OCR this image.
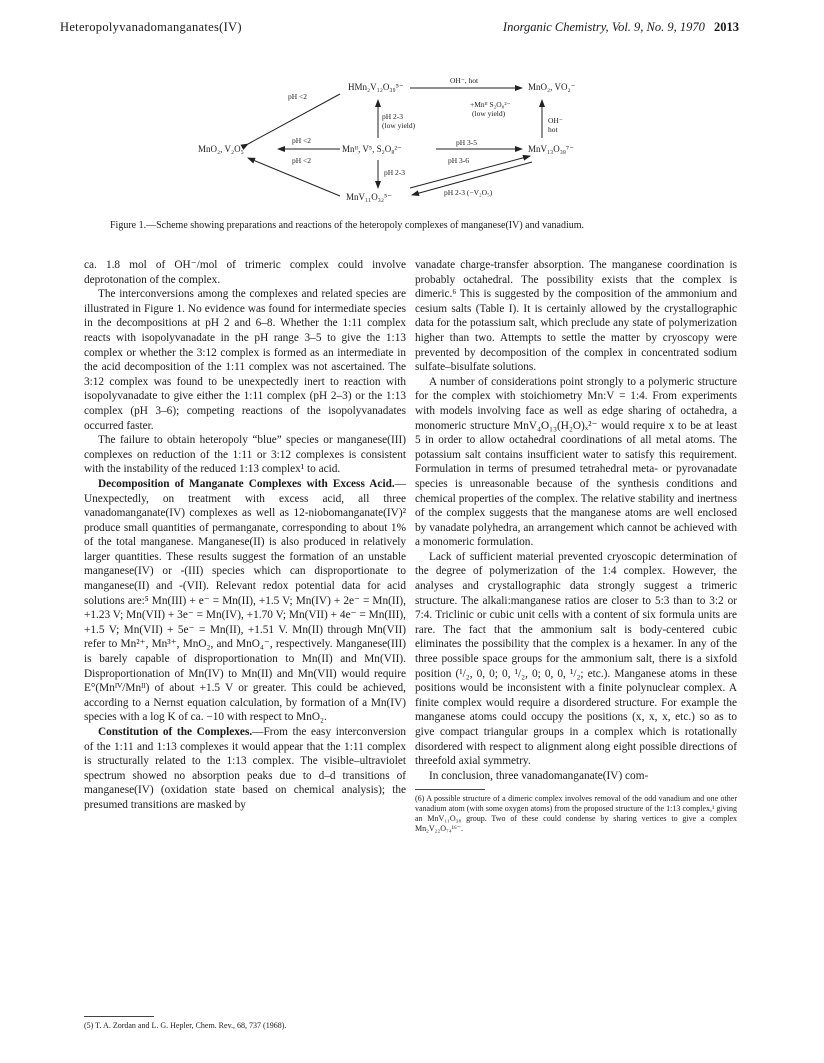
Heteropolyvanadomanganates(IV)	Inorganic Chemistry, Vol. 9, No. 9, 1970 2013
HMn₂V₁₂O₃₉⁵⁻	MnO₂, VO₂⁻
MnO₂, V₂O₅	Mnᴵᴵ, V⁵, S₂O₈²⁻	MnV₁₃O₃₈⁷⁻
MnV₁₁O₃₂⁵⁻
pH <2
pH <2
pH <2
OH⁻, hot
+Mnᴵᴵ S₂O₈²⁻
(low yield)
pH 2-3
(low yield)
OH⁻
hot
pH 3-5
pH 3-6
pH 2-3
pH 2-3 (−V₂O₅)
Figure 1.—Scheme showing preparations and reactions of the heteropoly complexes of manganese(IV) and vanadium.

ca. 1.8 mol of OH⁻/mol of trimeric complex could involve deprotonation of the complex.

The interconversions among the complexes and related species are illustrated in Figure 1. No evidence was found for intermediate species in the decompositions at pH 2 and 6–8. Whether the 1:11 complex reacts with isopolyvanadate in the pH range 3–5 to give the 1:13 complex or whether the 3:12 complex is formed as an intermediate in the acid decomposition of the 1:11 complex was not ascertained. The 3:12 complex was found to be unexpectedly inert to reaction with isopolyvanadate to give either the 1:11 complex (pH 2–3) or the 1:13 complex (pH 3–6); competing reactions of the isopolyvanadates occurred faster.

The failure to obtain heteropoly “blue” species or manganese(III) complexes on reduction of the 1:11 or 3:12 complexes is consistent with the instability of the reduced 1:13 complex¹ to acid.

Decomposition of Manganate Complexes with Excess Acid.—Unexpectedly, on treatment with excess acid, all three vanadomanganate(IV) complexes as well as 12-niobomanganate(IV)² produce small quantities of permanganate, corresponding to about 1% of the total manganese. Manganese(II) is also produced in relatively larger quantities. These results suggest the formation of an unstable manganese(IV) or -(III) species which can disproportionate to manganese(II) and -(VII). Relevant redox potential data for acid solutions are:⁵ Mn(III) + e⁻ = Mn(II), +1.5 V; Mn(IV) + 2e⁻ = Mn(II), +1.23 V; Mn(VII) + 3e⁻ = Mn(IV), +1.70 V; Mn(VII) + 4e⁻ = Mn(III), +1.5 V; Mn(VII) + 5e⁻ = Mn(II), +1.51 V. Mn(II) through Mn(VII) refer to Mn²⁺, Mn³⁺, MnO₂, and MnO₄⁻, respectively. Manganese(III) is barely capable of disproportionation to Mn(II) and Mn(VII). Disproportionation of Mn(IV) to Mn(II) and Mn(VII) would require E°(Mnᴵⱽ/Mnᴵᴵ) of about +1.5 V or greater. This could be achieved, according to a Nernst equation calculation, by formation of a Mn(IV) species with a log K of ca. −10 with respect to MnO₂.

Constitution of the Complexes.—From the easy interconversion of the 1:11 and 1:13 complexes it would appear that the 1:11 complex is structurally related to the 1:13 complex. The visible–ultraviolet spectrum showed no absorption peaks due to d–d transitions of manganese(IV) (oxidation state based on chemical analysis); the presumed transitions are masked by

(5) T. A. Zordan and L. G. Hepler, Chem. Rev., 68, 737 (1968).

vanadate charge-transfer absorption. The manganese coordination is probably octahedral. The possibility exists that the complex is dimeric.⁶ This is suggested by the composition of the ammonium and cesium salts (Table I). It is certainly allowed by the crystallographic data for the potassium salt, which preclude any state of polymerization higher than two. Attempts to settle the matter by cryoscopy were prevented by decomposition of the complex in concentrated sodium sulfate–bisulfate solutions.

A number of considerations point strongly to a polymeric structure for the complex with stoichiometry Mn:V = 1:4. From experiments with models involving face as well as edge sharing of octahedra, a monomeric structure MnV₄O₁₃(H₂O)ₓ²⁻ would require x to be at least 5 in order to allow octahedral coordinations of all metal atoms. The potassium salt contains insufficient water to satisfy this requirement. Formulation in terms of presumed tetrahedral meta- or pyrovanadate species is unreasonable because of the synthesis conditions and chemical properties of the complex. The relative stability and inertness of the complex suggests that the manganese atoms are well enclosed by vanadate polyhedra, an arrangement which cannot be achieved with a monomeric formulation.

Lack of sufficient material prevented cryoscopic determination of the degree of polymerization of the 1:4 complex. However, the analyses and crystallographic data strongly suggest a trimeric structure. The alkali:manganese ratios are closer to 5:3 than to 3:2 or 7:4. Triclinic or cubic unit cells with a content of six formula units are rare. The fact that the ammonium salt is body-centered cubic eliminates the possibility that the complex is a hexamer. In any of the three possible space groups for the ammonium salt, there is a sixfold position (¹/₂, 0, 0; 0, ¹/₂, 0; 0, 0, ¹/₂; etc.). Manganese atoms in these positions would be inconsistent with a finite polynuclear complex. A finite complex would require a disordered structure. For example the manganese atoms could occupy the positions (x, x, x, etc.) so as to give compact triangular groups in a complex which is rotationally disordered with respect to alignment along eight possible directions of threefold axial symmetry.

In conclusion, three vanadomanganate(IV) com-

(6) A possible structure of a dimeric complex involves removal of the odd vanadium and one other vanadium atom (with some oxygen atoms) from the proposed structure of the 1:13 complex,¹ giving an MnV₁₁O₃₈ group. Two of these could condense by sharing vertices to give a complex Mn₂V₂₂O₇₄¹⁶⁻.
